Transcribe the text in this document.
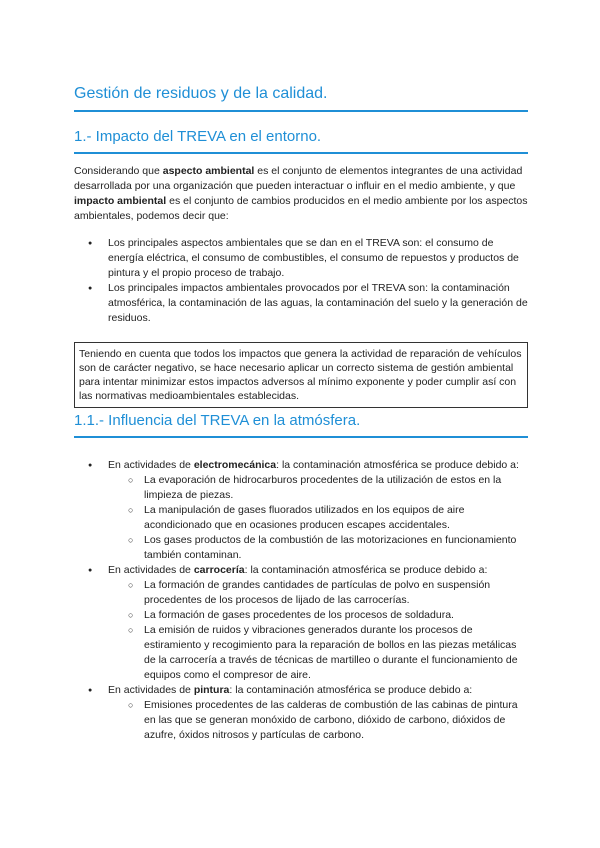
Gestión de residuos y de la calidad.
1.- Impacto del TREVA en el entorno.

Considerando que aspecto ambiental es el conjunto de elementos integrantes de una actividad desarrollada por una organización que pueden interactuar o influir en el medio ambiente, y que impacto ambiental es el conjunto de cambios producidos en el medio ambiente por los aspectos ambientales, podemos decir que:

● Los principales aspectos ambientales que se dan en el TREVA son: el consumo de energía eléctrica, el consumo de combustibles, el consumo de repuestos y productos de pintura y el propio proceso de trabajo.
● Los principales impactos ambientales provocados por el TREVA son: la contaminación atmosférica, la contaminación de las aguas, la contaminación del suelo y la generación de residuos.
Teniendo en cuenta que todos los impactos que genera la actividad de reparación de vehículos son de carácter negativo, se hace necesario aplicar un correcto sistema de gestión ambiental para intentar minimizar estos impactos adversos al mínimo exponente y poder cumplir así con las normativas medioambientales establecidas.
1.1.- Influencia del TREVA en la atmósfera.
● En actividades de electromecánica: la contaminación atmosférica se produce debido a:
○ La evaporación de hidrocarburos procedentes de la utilización de estos en la limpieza de piezas.
○ La manipulación de gases fluorados utilizados en los equipos de aire acondicionado que en ocasiones producen escapes accidentales.
○ Los gases productos de la combustión de las motorizaciones en funcionamiento también contaminan.
● En actividades de carrocería: la contaminación atmosférica se produce debido a:
○ La formación de grandes cantidades de partículas de polvo en suspensión procedentes de los procesos de lijado de las carrocerías.
○ La formación de gases procedentes de los procesos de soldadura.
○ La emisión de ruidos y vibraciones generados durante los procesos de estiramiento y recogimiento para la reparación de bollos en las piezas metálicas de la carrocería a través de técnicas de martilleo o durante el funcionamiento de equipos como el compresor de aire.
● En actividades de pintura: la contaminación atmosférica se produce debido a:
○ Emisiones procedentes de las calderas de combustión de las cabinas de pintura en las que se generan monóxido de carbono, dióxido de carbono, dióxidos de azufre, óxidos nitrosos y partículas de carbono.
